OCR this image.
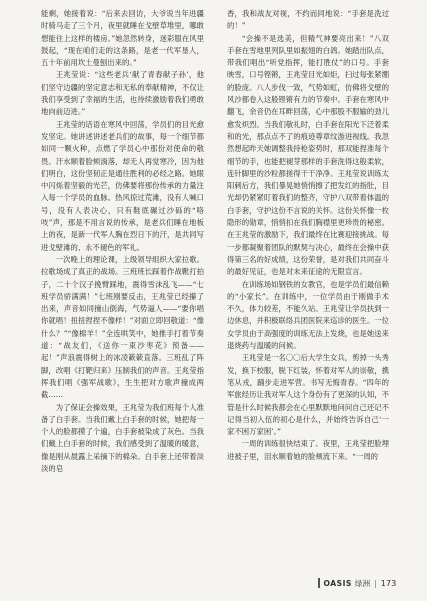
能剩，她接着说：“后来去回访，大爷说当年进疆时骑马走了三个月，夜里就睡在戈壁草堆里，哪敢想能住上这样的楼房。”她忽然转身，迷彩服在风里鼓起，“现在咱们走的这条路，是老一代军垦人，五十年前用坎土曼刨出来的。”

王兆莹说：“这些老兵‘献了青春献子孙’，他们坚守边疆的坚定意志和无私的奉献精神，不仅让我们享受到了幸福的生活，也待续激励着我们勇敢地向前迈进。”

王兆莹的话语在寒风中回荡，学员们的目光愈发坚定。她讲述讲述老兵们的故事，每一个细节都如同一颗火种，点燃了学员心中那份对使命的敬畏。汗水顺着脸颊淌落，却无人再觉寒冷，因为他们明白，这份坚韧正是通往胜利的必经之路。她眼中闪烁着坚毅的光芒，仿佛要将那份传承的力量注入每一个学员的血脉。热风掠过荒滩，没有人喊口号，没有人表决心，只有鞋底碾过沙砾的“咯吱”声，那是不用言说的传承，是老兵们睡在地板上的夜，是新一代军人胸在烈日下的汗，是共同写进戈壁滩的、永不褪色的军礼。

一次晚上的理论课，上级领导组织大家拉歌。拉歌场成了真正的战场。三班班长踩着作战靴打拍子，二十个汉子挽臂踩地，震得雪沫乱飞——“七班学员骄满满！”七班刚要反击，王兆莹已经攥了出来，声音如同撞山倒海，气势逼人——“要你唱你就唱！扭扭捏捏不像样！”对面立即回敬道：“像什么？”“像棉羊！”全连哄笑中，她推手打着节奏道：“战友们，《送你一束沙枣花》预备——起！”声浪震得树上的冰凌簌簌直落。三班乱了阵脚，改唱《打靶归来》压制我们的声音。王兆莹指挥我们唱《强军战歌》，生生把对方歌声撞成两截……

为了保证会操效果，王兆莹为我们班每个人准备了白手套。当我们戴上白手套的时候，她把每一个人的脸都摸了个遍，白手套被染成了灰色。当我们戴上白手套的时候，我们感受到了温暖的暖意，像是刚从晨露上采摘下的棉朵。白手套上还带着淡淡的皂

香，我和战友对视，不约而同地说：“手套是洗过的！”

“会操不是选美，但精气神要亮出来！”八双手套在雪地里列队里如振翅的白鸽。她踏出队点，带我们唱出“听党指挥，能打胜仗”的口号。手套映雪，口号铿锵，王兆莹目光如炬，扫过每张紧绷的脸庞。八人步伐一致，气势如虹，仿佛将戈壁的风沙都卷入这般铿锵有力的节奏中。手套在寒风中翻飞，余音仍在耳畔回荡，心中那股不服输的劲儿愈发炽烈。当我们敬礼时，白手套在阳光下泛着柔和的光，那点点不了的痕迹尊章纹游进视线。我忽然想起昨天她调整我持枪姿势时，那双能捏准每个细节的手，也能把褪芽那样的手套洗得这般柔软，连针脚里的沙粒都搓得干干净净。王兆莹说训练太阳刺后方，我们暴晃她悄悄擦了把发红的指肚，目光却仍紧紧盯着我们的整齐，守护八双带着体温的白手套，守护这份不言说的关怀。这份关怀像一枚隐形的勋章，悄悄扣在我们胸襟里更珍贵的秘密。在王兆莹的激励下，我们最终在比赛迎接挑战。每一步都凝聚着团队的默契与决心，最终在会操中获得第三名的好成绩，这份荣誉，是对我们共同奋斗的最好见证，也是对未来征途的无限宣言。

在训练场如钢铁的女教官，也是学员们最信赖的“小家长”。在训练中，一位学员由于刚做手术不久，体力较差，不能久站。王兆莹让学员扶到一边休息，并积极联络兵团医院来巡诊的医生。一位女学员由于高强度的训练无法上发烧，也是她送来退烧药与温暖的问候。

王兆莹是一名〇〇后大学生女兵，剪掉一头秀发，换下校服，脱下红装，怀着对军人的崇敬，携笔从戎，踊步走进军营。书写无悔青春。“四年的军旅经历让我对军人这个身份有了更深的认知，不管是什么时候我都会在心里默默地问问自己还记不记得当初入伍的初心是什么，并始终告诉自己‘一家不困万家困’。”

一周的训练很快结束了。夜里，王兆莹把脸埋进被子里，泪水顺着她的脸颊流下来。“一周的

OASIS 绿洲 | 173
